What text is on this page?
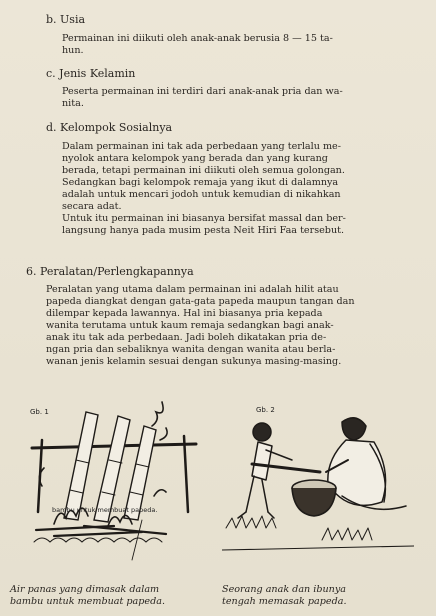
b. Usia
Permainan ini diikuti oleh anak-anak berusia 8 — 15 ta-
hun.
c. Jenis Kelamin
Peserta permainan ini terdiri dari anak-anak pria dan wa-
nita.
d. Kelompok Sosialnya
Dalam permainan ini tak ada perbedaan yang terlalu me-
nyolok antara kelompok yang berada dan yang kurang
berada, tetapi permainan ini diikuti oleh semua golongan.
Sedangkan bagi kelompok remaja yang ikut di dalamnya
adalah untuk mencari jodoh untuk kemudian di nikahkan
secara adat.
Untuk itu permainan ini biasanya bersifat massal dan ber-
langsung hanya pada musim pesta Neit Hiri Faa tersebut.
6. Peralatan/Perlengkapannya
Peralatan yang utama dalam permainan ini adalah hilit atau
papeda diangkat dengan gata-gata papeda maupun tangan dan
dilempar kepada lawannya. Hal ini biasanya pria kepada
wanita terutama untuk kaum remaja sedangkan bagi anak-
anak itu tak ada perbedaan. Jadi boleh dikatakan pria de-
ngan pria dan sebaliknya wanita dengan wanita atau berla-
wanan jenis kelamin sesuai dengan sukunya masing-masing.
Gb. 1
bambu untuk membuat papeda.
Gb. 2
Air panas yang dimasak dalam
bambu untuk membuat papeda.
Seorang anak dan ibunya
tengah memasak papeda.
